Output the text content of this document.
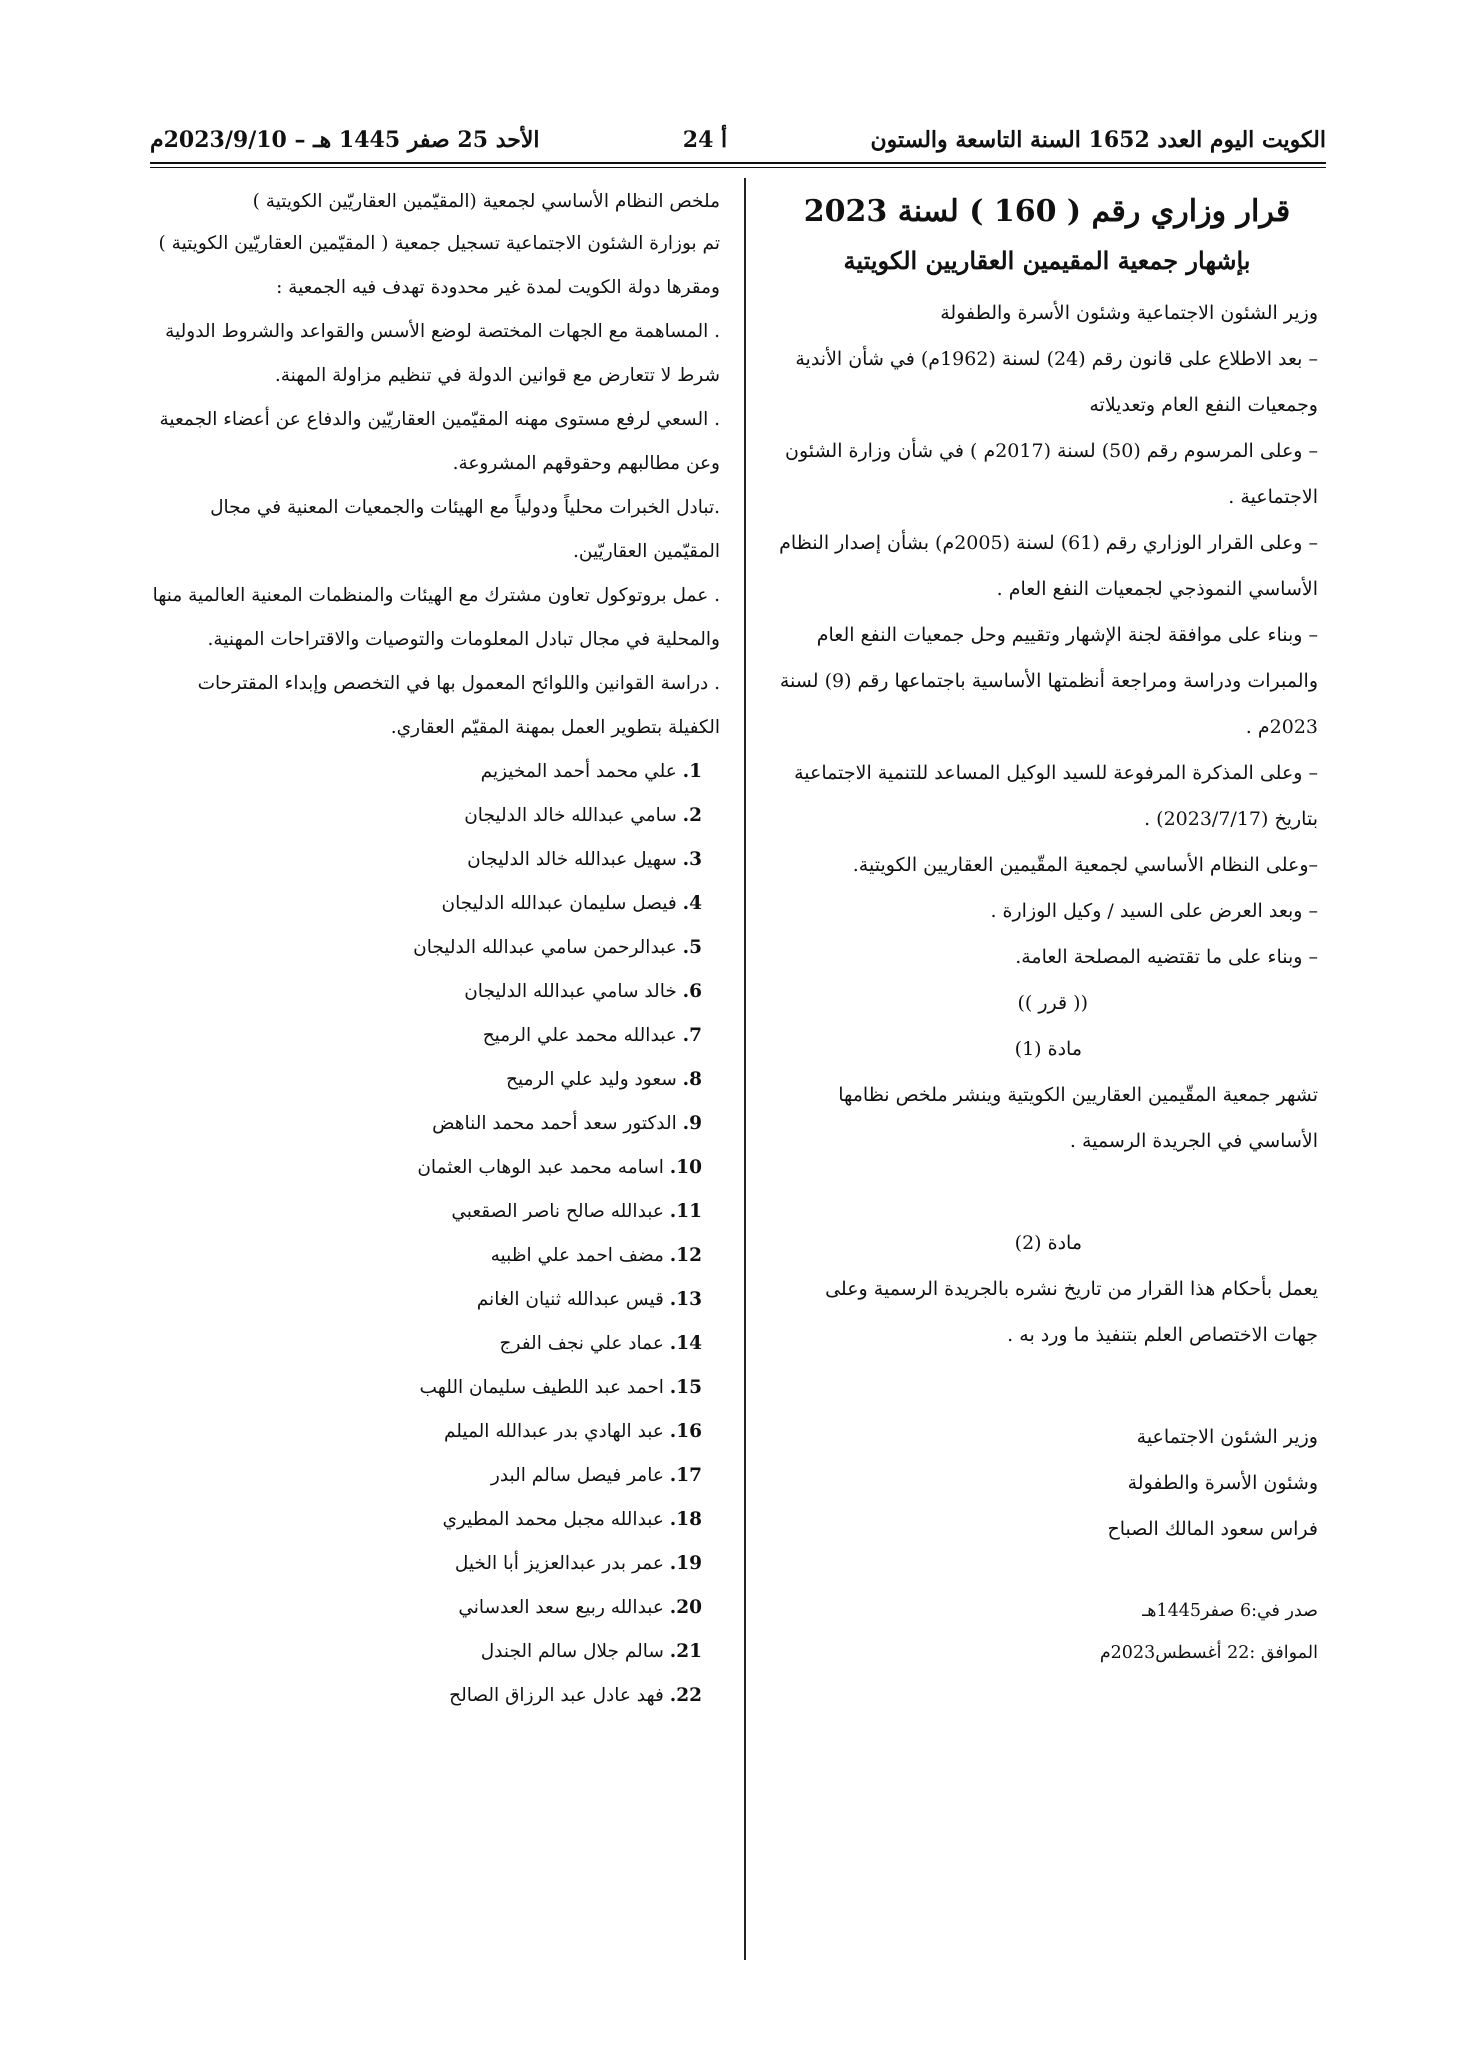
الكويت اليوم العدد 1652 السنة التاسعة والستون
أ 24
الأحد 25 صفر 1445 هـ – 2023/9/10م
قرار وزاري رقم ( 160 ) لسنة 2023
بإشهار جمعية المقيمين العقاريين الكويتية

وزير الشئون الاجتماعية وشئون الأسرة والطفولة

– بعد الاطلاع على قانون رقم (24) لسنة (1962م) في شأن الأندية وجمعيات النفع العام وتعديلاته

– وعلى المرسوم رقم (50) لسنة (2017م ) في شأن وزارة الشئون الاجتماعية .

– وعلى القرار الوزاري رقم (61) لسنة (2005م) بشأن إصدار النظام الأساسي النموذجي لجمعيات النفع العام .

– وبناء على موافقة لجنة الإشهار وتقييم وحل جمعيات النفع العام والمبرات ودراسة ومراجعة أنظمتها الأساسية باجتماعها رقم (9) لسنة 2023م .

– وعلى المذكرة المرفوعة للسيد الوكيل المساعد للتنمية الاجتماعية بتاريخ (2023/7/17) .

–وعلى النظام الأساسي لجمعية المقّيمين العقاريين الكويتية.

– وبعد العرض على السيد / وكيل الوزارة .

– وبناء على ما تقتضيه المصلحة العامة.

(( قرر ))

مادة (1)

تشهر جمعية المقّيمين العقاريين الكويتية وينشر ملخص نظامها الأساسي في الجريدة الرسمية .

مادة (2)

يعمل بأحكام هذا القرار من تاريخ نشره بالجريدة الرسمية وعلى جهات الاختصاص العلم بتنفيذ ما ورد به .

وزير الشئون الاجتماعية
وشئون الأسرة والطفولة
فراس سعود المالك الصباح
صدر في:6 صفر1445هـ
الموافق :22 أغسطس2023م
ملخص النظام الأساسي لجمعية (المقيّمين العقاريّين الكويتية )

تم بوزارة الشئون الاجتماعية تسجيل جمعية ( المقيّمين العقاريّين الكويتية ) ومقرها دولة الكويت لمدة غير محدودة تهدف فيه الجمعية :

. المساهمة مع الجهات المختصة لوضع الأسس والقواعد والشروط الدولية شرط لا تتعارض مع قوانين الدولة في تنظيم مزاولة المهنة.

. السعي لرفع مستوى مهنه المقيّمين العقاريّين والدفاع عن أعضاء الجمعية وعن مطالبهم وحقوقهم المشروعة.

.تبادل الخبرات محلياً ودولياً مع الهيئات والجمعيات المعنية في مجال المقيّمين العقاريّين.

. عمل بروتوكول تعاون مشترك مع الهيئات والمنظمات المعنية العالمية منها والمحلية في مجال تبادل المعلومات والتوصيات والاقتراحات المهنية.

. دراسة القوانين واللوائح المعمول بها في التخصص وإبداء المقترحات الكفيلة بتطوير العمل بمهنة المقيّم العقاري.

1. علي محمد أحمد المخيزيم
2. سامي عبدالله خالد الدليجان
3. سهيل عبدالله خالد الدليجان
4. فيصل سليمان عبدالله الدليجان
5. عبدالرحمن سامي عبدالله الدليجان
6. خالد سامي عبدالله الدليجان
7. عبدالله محمد علي الرميح
8. سعود وليد علي الرميح
9. الدكتور سعد أحمد محمد الناهض
10. اسامه محمد عبد الوهاب العثمان
11. عبدالله صالح ناصر الصقعبي
12. مضف احمد علي اظبيه
13. قيس عبدالله ثنيان الغانم
14. عماد علي نجف الفرج
15. احمد عبد اللطيف سليمان اللهب
16. عبد الهادي بدر عبدالله الميلم
17. عامر فيصل سالم البدر
18. عبدالله مجبل محمد المطيري
19. عمر بدر عبدالعزيز أبا الخيل
20. عبدالله ربيع سعد العدساني
21. سالم جلال سالم الجندل
22. فهد عادل عبد الرزاق الصالح
